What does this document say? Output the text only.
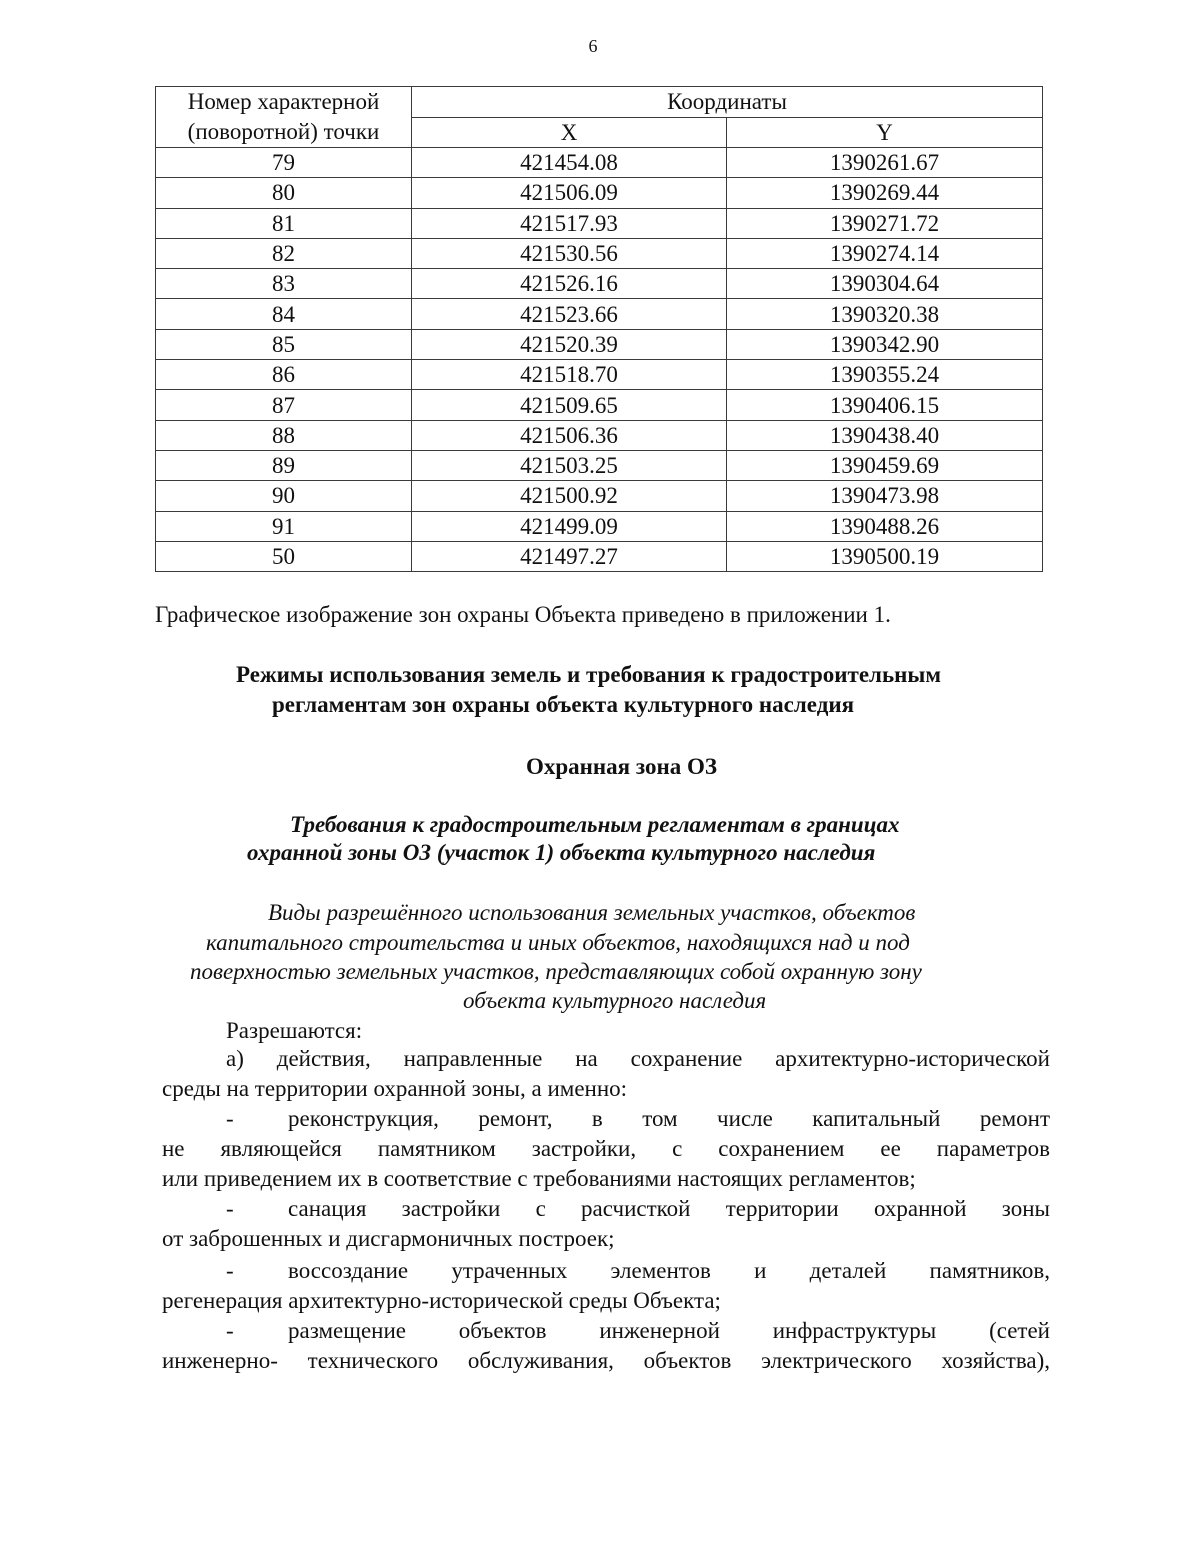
6
Номер характерной
(поворотной) точки	Координаты	
	X	Y
79	421454.08	1390261.67
80	421506.09	1390269.44
81	421517.93	1390271.72
82	421530.56	1390274.14
83	421526.16	1390304.64
84	421523.66	1390320.38
85	421520.39	1390342.90
86	421518.70	1390355.24
87	421509.65	1390406.15
88	421506.36	1390438.40
89	421503.25	1390459.69
90	421500.92	1390473.98
91	421499.09	1390488.26
50	421497.27	1390500.19
Графическое изображение зон охраны Объекта приведено в приложении 1.
Режимы использования земель и требования к градостроительным
регламентам зон охраны объекта культурного наследия
Охранная зона ОЗ
Требования к градостроительным регламентам в границах
охранной зоны ОЗ (участок 1) объекта культурного наследия
Виды разрешённого использования земельных участков, объектов
капитального строительства и иных объектов, находящихся над и под
поверхностью земельных участков, представляющих собой охранную зону
объекта культурного наследия
Разрешаются:
а) действия, направленные на сохранение архитектурно-исторической
среды на территории охранной зоны, а именно:
-	реконструкция, ремонт, в том числе капитальный ремонт
не являющейся памятником застройки, с сохранением ее параметров
или приведением их в соответствие с требованиями настоящих регламентов;
-	санация застройки с расчисткой территории охранной зоны
от заброшенных и дисгармоничных построек;
-	воссоздание утраченных элементов и деталей памятников,
регенерация архитектурно-исторической среды Объекта;
-	размещение объектов инженерной инфраструктуры (сетей
инженерно- технического обслуживания, объектов электрического хозяйства),
